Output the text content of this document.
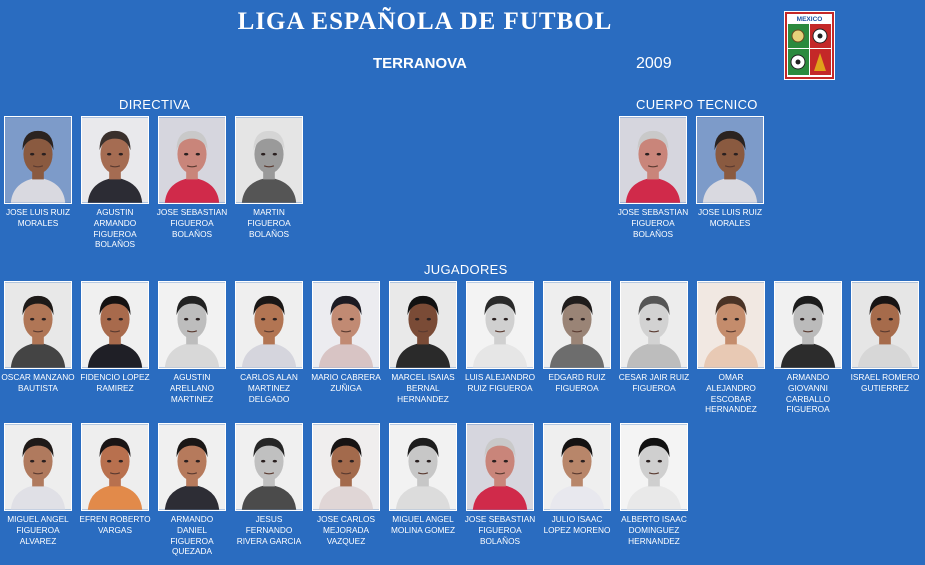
LIGA ESPAÑOLA DE FUTBOL
TERRANOVA	2009
MEXICO
DIRECTIVA	CUERPO TECNICO
JUGADORES
JOSE LUIS RUIZ MORALES
AGUSTIN ARMANDO FIGUEROA BOLAÑOS
JOSE SEBASTIAN FIGUEROA BOLAÑOS
MARTIN FIGUEROA BOLAÑOS
JOSE SEBASTIAN FIGUEROA BOLAÑOS
JOSE LUIS RUIZ MORALES
OSCAR MANZANO BAUTISTA
FIDENCIO LOPEZ RAMIREZ
AGUSTIN ARELLANO MARTINEZ
CARLOS ALAN MARTINEZ DELGADO
MARIO CABRERA ZUÑIGA
MARCEL ISAIAS BERNAL HERNANDEZ
LUIS ALEJANDRO RUIZ FIGUEROA
EDGARD RUIZ FIGUEROA
CESAR JAIR RUIZ FIGUEROA
OMAR ALEJANDRO ESCOBAR HERNANDEZ
ARMANDO GIOVANNI CARBALLO FIGUEROA
ISRAEL ROMERO GUTIERREZ
MIGUEL ANGEL FIGUEROA ALVAREZ
EFREN ROBERTO VARGAS
ARMANDO DANIEL FIGUEROA QUEZADA
JESUS FERNANDO RIVERA GARCIA
JOSE CARLOS MEJORADA VAZQUEZ
MIGUEL ANGEL MOLINA GOMEZ
JOSE SEBASTIAN FIGUEROA BOLAÑOS
JULIO ISAAC LOPEZ MORENO
ALBERTO ISAAC DOMINGUEZ HERNANDEZ
